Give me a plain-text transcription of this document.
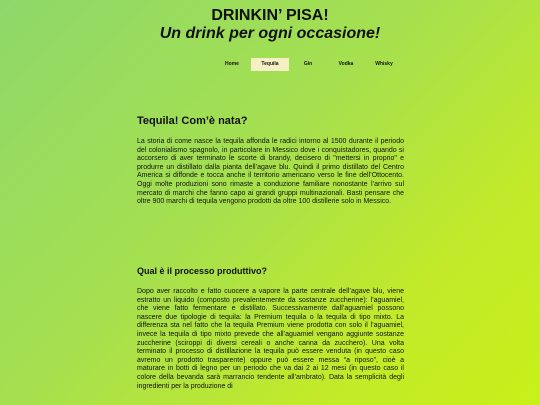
DRINKIN’ PISA!
Un drink per ogni occasione!
Home	Tequila	Gin	Vodka	Whisky
Tequila! Com’è nata?

La storia di come nasce la tequila affonda le radici intorno al 1500 durante il periodo del colonialismo spagnolo, in particolare in Messico dove i conquistadores, quando si accorsero di aver terminato le scorte di brandy, decisero di "mettersi in proprio" e produrre un distillato dalla pianta dell’agave blu. Quindi il primo distillato del Centro America si diffonde e tocca anche il territorio americano verso le fine dell’Ottocento. Oggi molte produzioni sono rimaste a conduzione familiare nonostante l’arrivo sul mercato di marchi che fanno capo ai grandi gruppi multinazionali. Basti pensare che oltre 900 marchi di tequila vengono prodotti da oltre 100 distillerie solo in Messico.

Qual è il processo produttivo?

Dopo aver raccolto e fatto cuocere a vapore la parte centrale dell’agave blu, viene estratto un liquido (composto prevalentemente da sostanze zuccherine): l’aguamiel, che viene fatto fermentare e distillato. Successivamente dall’aguamiel possono nascere due tipologie di tequila: la Premium tequila o la tequila di tipo mixto. La differenza sta nel fatto che la tequila Premium viene prodotta con solo il l’aguamiel, invece la tequila di tipo mixto prevede che all’aguamiel vengano aggiunte sostanze zuccherine (sciroppi di diversi cereali o anche canna da zucchero). Una volta terminato il processo di distillazione la tequila può essere venduta (in questo caso avremo un prodotto trasparente) oppure può essere messa “a riposo”, cioè a maturare in botti di legno per un periodo che va dai 2 ai 12 mesi (in questo caso il colore della bevanda sarà marrancio tendente all’ambrato). Data la semplicità degli ingredienti per la produzione di
